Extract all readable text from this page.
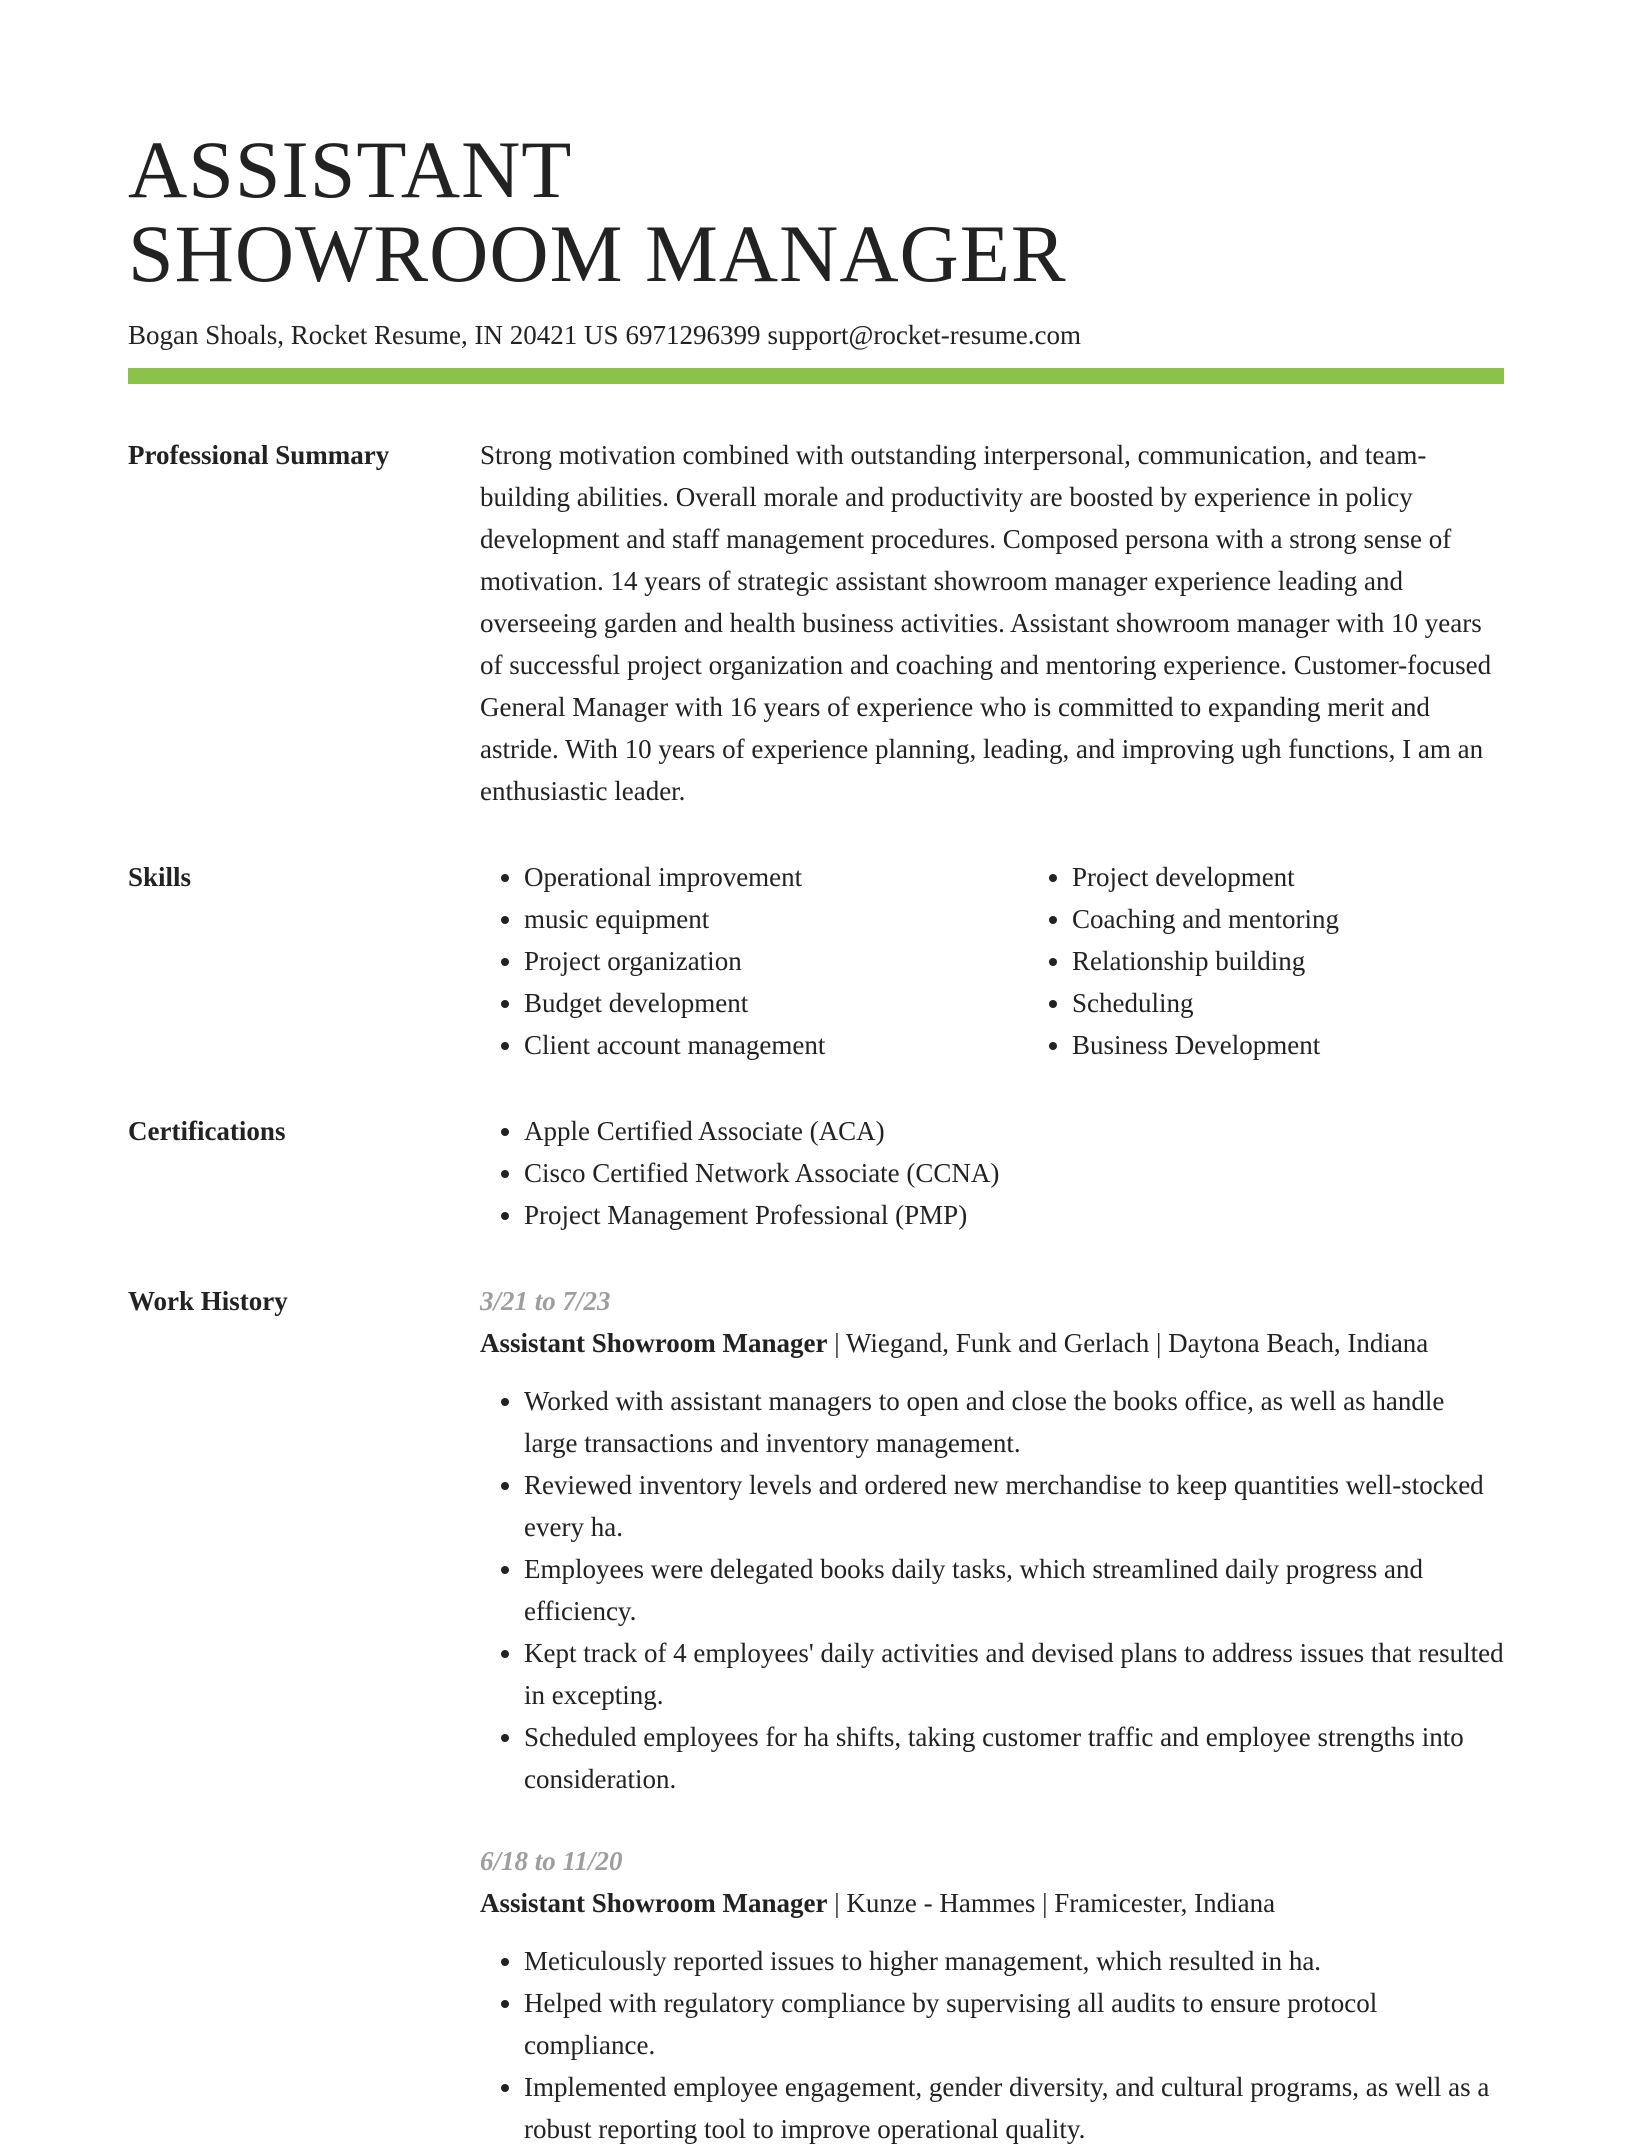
ASSISTANT
SHOWROOM MANAGER
Bogan Shoals, Rocket Resume, IN 20421 US 6971296399 support@rocket-resume.com
Professional Summary	Strong motivation combined with outstanding interpersonal, communication, and team-building abilities. Overall morale and productivity are boosted by experience in policy development and staff management procedures. Composed persona with a strong sense of motivation. 14 years of strategic assistant showroom manager experience leading and overseeing garden and health business activities. Assistant showroom manager with 10 years of successful project organization and coaching and mentoring experience. Customer-focused General Manager with 16 years of experience who is committed to expanding merit and astride. With 10 years of experience planning, leading, and improving ugh functions, I am an enthusiastic leader.

Skills	• Operational improvement
• music equipment
• Project organization
• Budget development
• Client account management
• Project development
• Coaching and mentoring
• Relationship building
• Scheduling
• Business Development
Certifications	• Apple Certified Associate (ACA)
• Cisco Certified Network Associate (CCNA)
• Project Management Professional (PMP)
Work History	3/21 to 7/23
Assistant Showroom Manager | Wiegand, Funk and Gerlach | Daytona Beach, Indiana
• Worked with assistant managers to open and close the books office, as well as handle large transactions and inventory management.
• Reviewed inventory levels and ordered new merchandise to keep quantities well-stocked every ha.
• Employees were delegated books daily tasks, which streamlined daily progress and efficiency.
• Kept track of 4 employees' daily activities and devised plans to address issues that resulted in excepting.
• Scheduled employees for ha shifts, taking customer traffic and employee strengths into consideration.
6/18 to 11/20
Assistant Showroom Manager | Kunze - Hammes | Framicester, Indiana
• Meticulously reported issues to higher management, which resulted in ha.
• Helped with regulatory compliance by supervising all audits to ensure protocol compliance.
• Implemented employee engagement, gender diversity, and cultural programs, as well as a robust reporting tool to improve operational quality.
